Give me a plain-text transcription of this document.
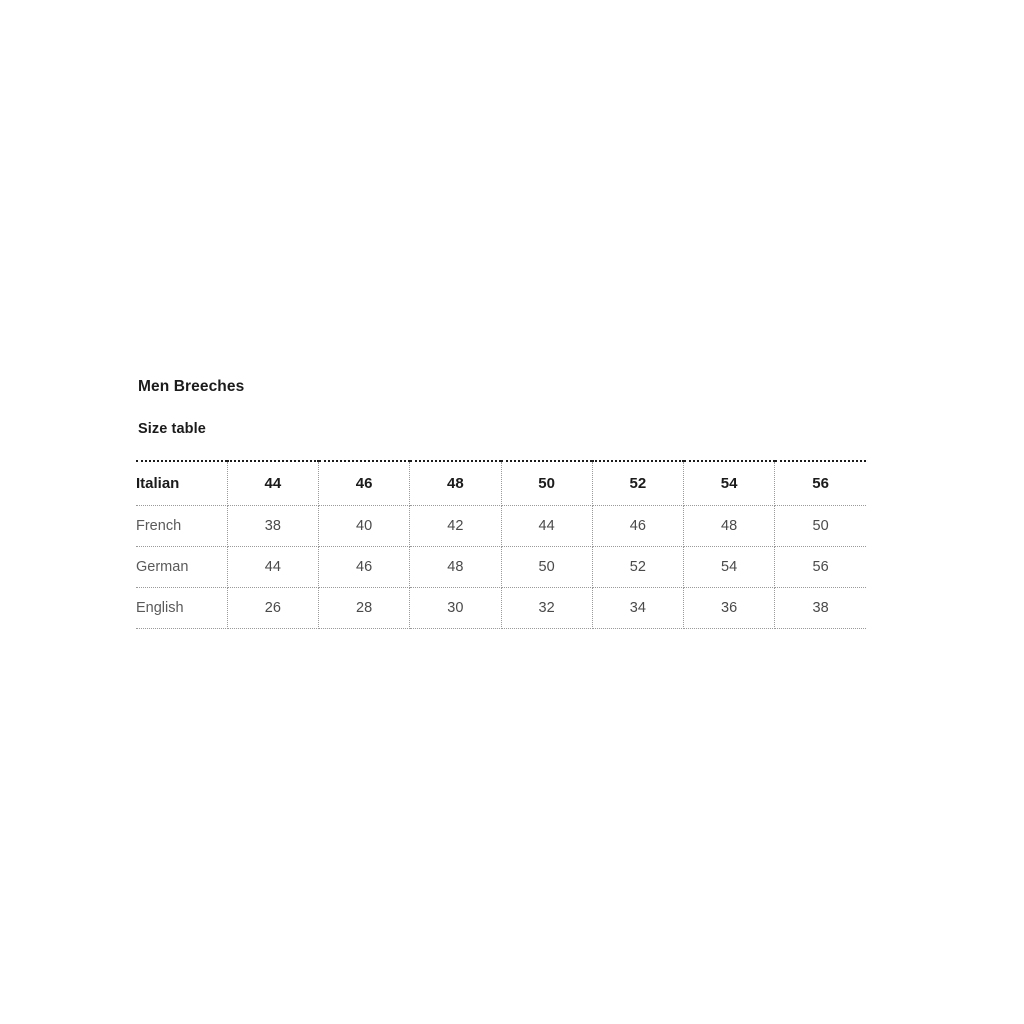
Men Breeches
Size table

Italian	44	46	48	50	52	54	56
French	38	40	42	44	46	48	50
German	44	46	48	50	52	54	56
English	26	28	30	32	34	36	38
